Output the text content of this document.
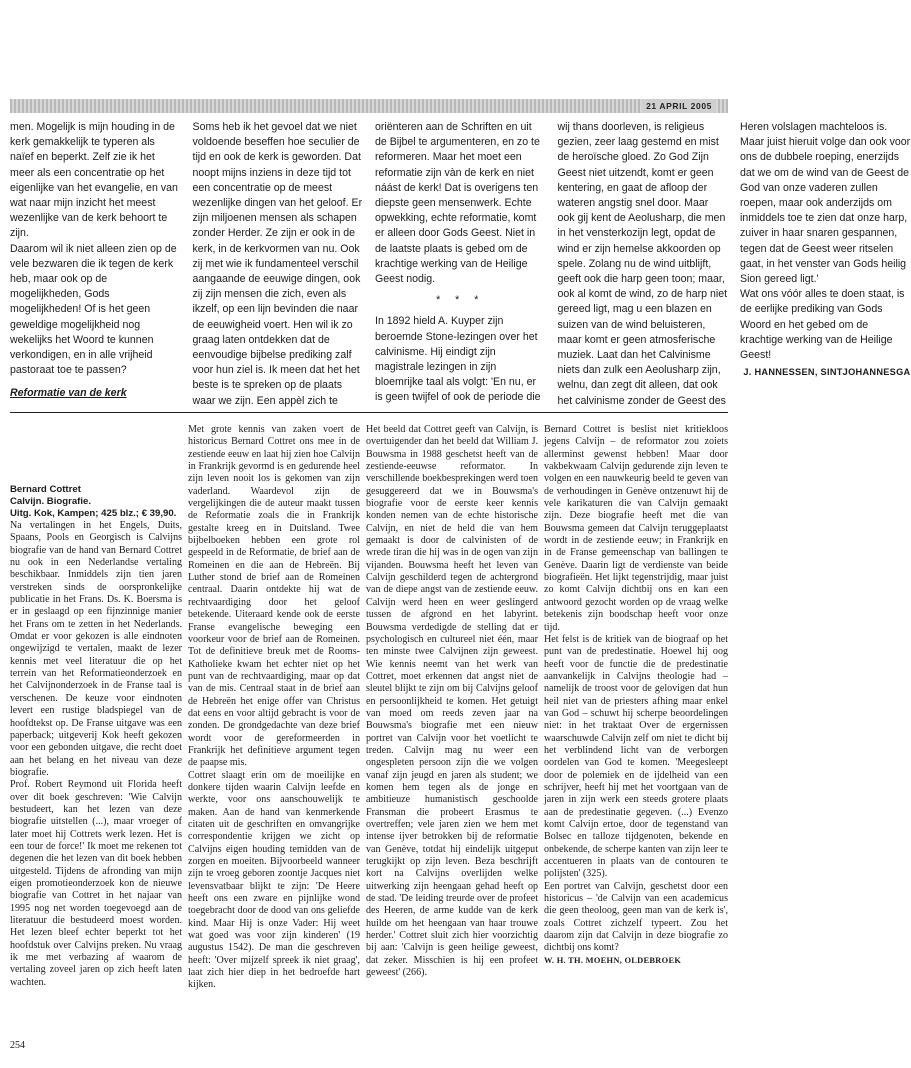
21 APRIL 2005

men. Mogelijk is mijn houding in de kerk gemakkelijk te typeren als naïef en beperkt. Zelf zie ik het meer als een concentratie op het eigenlijke van het evangelie, en van wat naar mijn inzicht het meest wezenlijke van de kerk behoort te zijn.

Daarom wil ik niet alleen zien op de vele bezwaren die ik tegen de kerk heb, maar ook op de mogelijkheden, Gods mogelijkheden! Of is het geen geweldige mogelijkheid nog wekelijks het Woord te kunnen verkondigen, en in alle vrijheid pastoraat toe te passen?

Reformatie van de kerk

Soms heb ik het gevoel dat we niet voldoende beseffen hoe seculier de tijd en ook de kerk is geworden. Dat noopt mijns inziens in deze tijd tot een concentratie op de meest wezenlijke dingen van het geloof. Er zijn miljoenen mensen als schapen zonder Herder. Ze zijn er ook in de kerk, in de kerkvormen van nu. Ook zij met wie ik fundamenteel verschil aangaande de eeuwige dingen, ook zij zijn mensen die zich, even als ikzelf, op een lijn bevinden die naar de eeuwigheid voert. Hen wil ik zo graag laten ontdekken dat de eenvoudige bijbelse prediking zalf voor hun ziel is. Ik meen dat het het beste is te spreken op de plaats waar we zijn. Een appèl zich te oriënteren aan de Schriften en uit de Bijbel te argumenteren, en zo te reformeren. Maar het moet een reformatie zijn vàn de kerk en niet náást de kerk! Dat is overigens ten diepste geen mensenwerk. Echte opwekking, echte reformatie, komt er alleen door Gods Geest. Niet in de laatste plaats is gebed om de krachtige werking van de Heilige Geest nodig.

* * *

In 1892 hield A. Kuyper zijn beroemde Stone-lezingen over het calvinisme. Hij eindigt zijn magistrale lezingen in zijn bloemrijke taal als volgt: 'En nu, er is geen twijfel of ook de periode die wij thans doorleven, is religieus gezien, zeer laag gestemd en mist de heroïsche gloed. Zo God Zijn Geest niet uitzendt, komt er geen kentering, en gaat de afloop der wateren angstig snel door. Maar ook gij kent de Aeolusharp, die men in het vensterkozijn legt, opdat de wind er zijn hemelse akkoorden op spele. Zolang nu de wind uitblijft, geeft ook die harp geen toon; maar, ook al komt de wind, zo de harp niet gereed ligt, mag u een blazen en suizen van de wind beluisteren, maar komt er geen atmosferische muziek. Laat dan het Calvinisme niets dan zulk een Aeolusharp zijn, welnu, dan zegt dit alleen, dat ook het calvinisme zonder de Geest des Heren volslagen machteloos is. Maar juist hieruit volge dan ook voor ons de dubbele roeping, enerzijds dat we om de wind van de Geest de God van onze vaderen zullen roepen, maar ook anderzijds om inmiddels toe te zien dat onze harp, zuiver in haar snaren gespannen, tegen dat de Geest weer ritselen gaat, in het venster van Gods heilig Sion gereed ligt.'

Wat ons vóór alles te doen staat, is de eerlijke prediking van Gods Woord en het gebed om de krachtige werking van de Heilige Geest!

J. HANNESSEN, SINTJOHANNESGA

Bernard Cottret
Calvijn. Biografie.
Uitg. Kok, Kampen; 425 blz.; € 39,90.

Na vertalingen in het Engels, Duits, Spaans, Pools en Georgisch is Calvijns biografie van de hand van Bernard Cottret nu ook in een Nederlandse vertaling beschikbaar. Inmiddels zijn tien jaren verstreken sinds de oorspronkelijke publicatie in het Frans. Ds. K. Boersma is er in geslaagd op een fijnzinnige manier het Frans om te zetten in het Nederlands. Omdat er voor gekozen is alle eindnoten ongewijzigd te vertalen, maakt de lezer kennis met veel literatuur die op het terrein van het Reformatieonderzoek en het Calvijnonderzoek in de Franse taal is verschenen. De keuze voor eindnoten levert een rustige bladspiegel van de hoofdtekst op. De Franse uitgave was een paperback; uitgeverij Kok heeft gekozen voor een gebonden uitgave, die recht doet aan het belang en het niveau van deze biografie.

Prof. Robert Reymond uit Florida heeft over dit boek geschreven: 'Wie Calvijn bestudeert, kan het lezen van deze biografie uitstellen (...), maar vroeger of later moet hij Cottrets werk lezen. Het is een tour de force!' Ik moet me rekenen tot degenen die het lezen van dit boek hebben uitgesteld. Tijdens de afronding van mijn eigen promotieonderzoek kon de nieuwe biografie van Cottret in het najaar van 1995 nog net worden toegevoegd aan de literatuur die bestudeerd moest worden. Het lezen bleef echter beperkt tot het hoofdstuk over Calvijns preken. Nu vraag ik me met verbazing af waarom de vertaling zoveel jaren op zich heeft laten wachten.

Met grote kennis van zaken voert de historicus Bernard Cottret ons mee in de zestiende eeuw en laat hij zien hoe Calvijn in Frankrijk gevormd is en gedurende heel zijn leven nooit los is gekomen van zijn vaderland. Waardevol zijn de vergelijkingen die de auteur maakt tussen de Reformatie zoals die in Frankrijk gestalte kreeg en in Duitsland. Twee bijbelboeken hebben een grote rol gespeeld in de Reformatie, de brief aan de Romeinen en die aan de Hebreën. Bij Luther stond de brief aan de Romeinen centraal. Daarin ontdekte hij wat de rechtvaardiging door het geloof betekende. Uiteraard kende ook de eerste Franse evangelische beweging een voorkeur voor de brief aan de Romeinen. Tot de definitieve breuk met de Rooms-Katholieke kwam het echter niet op het punt van de rechtvaardiging, maar op dat van de mis. Centraal staat in de brief aan de Hebreën het enige offer van Christus dat eens en voor altijd gebracht is voor de zonden. De grondgedachte van deze brief wordt voor de gereformeerden in Frankrijk het definitieve argument tegen de paapse mis.

Cottret slaagt erin om de moeilijke en donkere tijden waarin Calvijn leefde en werkte, voor ons aanschouwelijk te maken. Aan de hand van kenmerkende citaten uit de geschriften en omvangrijke correspondentie krijgen we zicht op Calvijns eigen houding temidden van de zorgen en moeiten. Bijvoorbeeld wanneer zijn te vroeg geboren zoontje Jacques niet levensvatbaar blijkt te zijn: 'De Heere heeft ons een zware en pijnlijke wond toegebracht door de dood van ons geliefde kind. Maar Hij is onze Vader: Hij weet wat goed was voor zijn kinderen' (19 augustus 1542). De man die geschreven heeft: 'Over mijzelf spreek ik niet graag', laat zich hier diep in het bedroefde hart kijken.

Het beeld dat Cottret geeft van Calvijn, is overtuigender dan het beeld dat William J. Bouwsma in 1988 geschetst heeft van de zestiende-eeuwse reformator. In verschillende boekbesprekingen werd toen gesuggereerd dat we in Bouwsma's biografie voor de eerste keer kennis konden nemen van de echte historische Calvijn, en niet de held die van hem gemaakt is door de calvinisten of de wrede tiran die hij was in de ogen van zijn vijanden. Bouwsma heeft het leven van Calvijn geschilderd tegen de achtergrond van de diepe angst van de zestiende eeuw. Calvijn werd heen en weer geslingerd tussen de afgrond en het labyrint. Bouwsma verdedigde de stelling dat er psychologisch en cultureel niet één, maar ten minste twee Calvijnen zijn geweest. Wie kennis neemt van het werk van Cottret, moet erkennen dat angst niet de sleutel blijkt te zijn om bij Calvijns geloof en persoonlijkheid te komen. Het getuigt van moed om reeds zeven jaar na Bouwsma's biografie met een nieuw portret van Calvijn voor het voetlicht te treden. Calvijn mag nu weer een ongespleten persoon zijn die we volgen vanaf zijn jeugd en jaren als student; we komen hem tegen als de jonge en ambitieuze humanistisch geschoolde Fransman die probeert Erasmus te overtreffen; vele jaren zien we hem met intense ijver betrokken bij de reformatie van Genève, totdat hij eindelijk uitgeput terugkijkt op zijn leven. Beza beschrijft kort na Calvijns overlijden welke uitwerking zijn heengaan gehad heeft op de stad. 'De leiding treurde over de profeet des Heeren, de arme kudde van de kerk huilde om het heengaan van haar trouwe herder.' Cottret sluit zich hier voorzichtig bij aan: 'Calvijn is geen heilige geweest, dat zeker. Misschien is hij een profeet geweest' (266).

Bernard Cottret is beslist niet kritiekloos jegens Calvijn – de reformator zou zoiets allerminst gewenst hebben! Maar door vakbekwaam Calvijn gedurende zijn leven te volgen en een nauwkeurig beeld te geven van de verhoudingen in Genève ontzenuwt hij de vele karikaturen die van Calvijn gemaakt zijn. Deze biografie heeft met die van Bouwsma gemeen dat Calvijn teruggeplaatst wordt in de zestiende eeuw; in Frankrijk en in de Franse gemeenschap van ballingen te Genève. Daarin ligt de verdienste van beide biografieën. Het lijkt tegenstrijdig, maar juist zo komt Calvijn dichtbij ons en kan een antwoord gezocht worden op de vraag welke betekenis zijn boodschap heeft voor onze tijd.

Het felst is de kritiek van de biograaf op het punt van de predestinatie. Hoewel hij oog heeft voor de functie die de predestinatie aanvankelijk in Calvijns theologie had – namelijk de troost voor de gelovigen dat hun heil niet van de priesters afhing maar enkel van God – schuwt hij scherpe beoordelingen niet: in het traktaat Over de ergernissen waarschuwde Calvijn zelf om niet te dicht bij het verblindend licht van de verborgen oordelen van God te komen. 'Meegesleept door de polemiek en de ijdelheid van een schrijver, heeft hij met het voortgaan van de jaren in zijn werk een steeds grotere plaats aan de predestinatie gegeven. (...) Evenzo komt Calvijn ertoe, door de tegenstand van Bolsec en talloze tijdgenoten, bekende en onbekende, de scherpe kanten van zijn leer te accentueren in plaats van de contouren te polijsten' (325).

Een portret van Calvijn, geschetst door een historicus – 'de Calvijn van een academicus die geen theoloog, geen man van de kerk is', zoals Cottret zichzelf typeert. Zou het daarom zijn dat Calvijn in deze biografie zo dichtbij ons komt?

W. H. TH. MOEHN, OLDEBROEK

254
